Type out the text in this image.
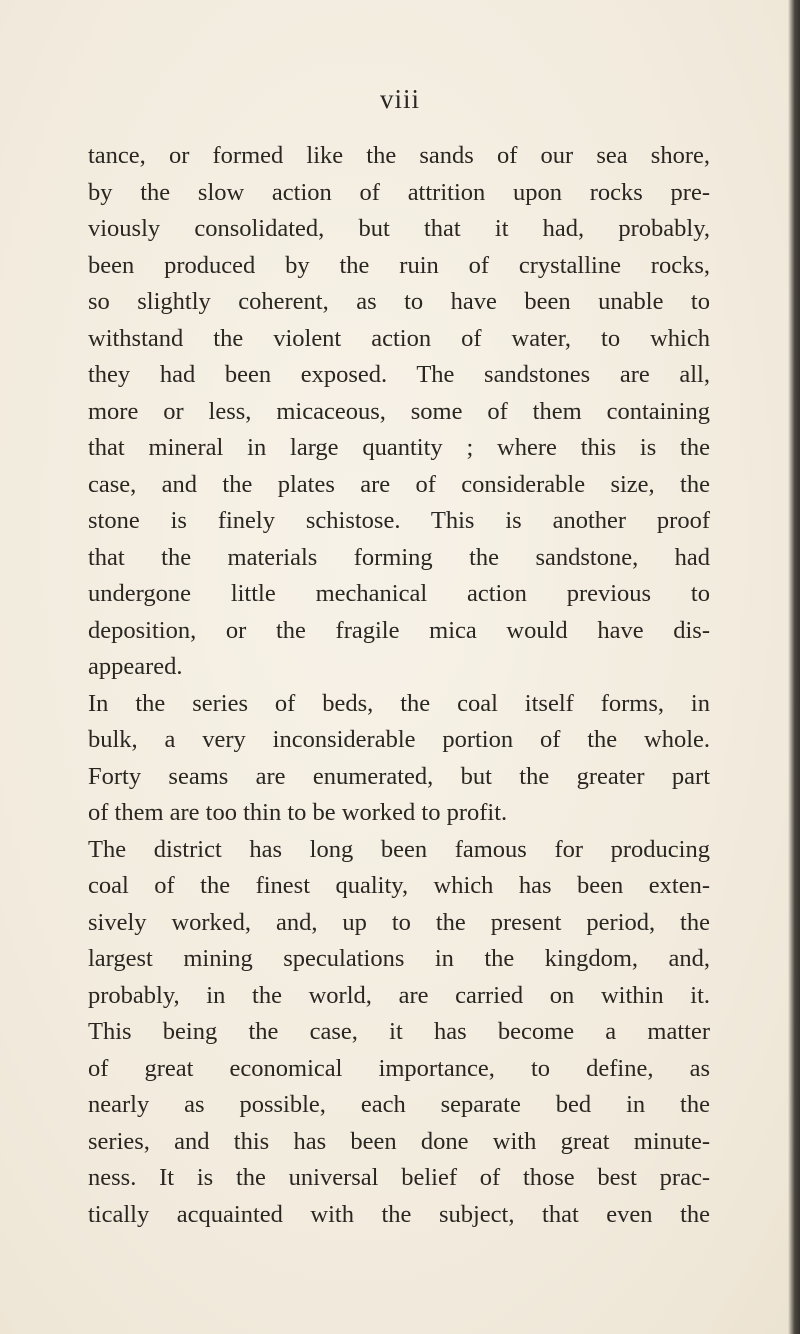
viii
tance, or formed like the sands of our sea shore,
by the slow action of attrition upon rocks pre-
viously consolidated, but that it had, probably,
been produced by the ruin of crystalline rocks,
so slightly coherent, as to have been unable to
withstand the violent action of water, to which
they had been exposed. The sandstones are all,
more or less, micaceous, some of them containing
that mineral in large quantity ; where this is the
case, and the plates are of considerable size, the
stone is finely schistose. This is another proof
that the materials forming the sandstone, had
undergone little mechanical action previous to
deposition, or the fragile mica would have dis-
appeared.
In the series of beds, the coal itself forms, in
bulk, a very inconsiderable portion of the whole.
Forty seams are enumerated, but the greater part
of them are too thin to be worked to profit.
The district has long been famous for producing
coal of the finest quality, which has been exten-
sively worked, and, up to the present period, the
largest mining speculations in the kingdom, and,
probably, in the world, are carried on within it.
This being the case, it has become a matter
of great economical importance, to define, as
nearly as possible, each separate bed in the
series, and this has been done with great minute-
ness. It is the universal belief of those best prac-
tically acquainted with the subject, that even the
